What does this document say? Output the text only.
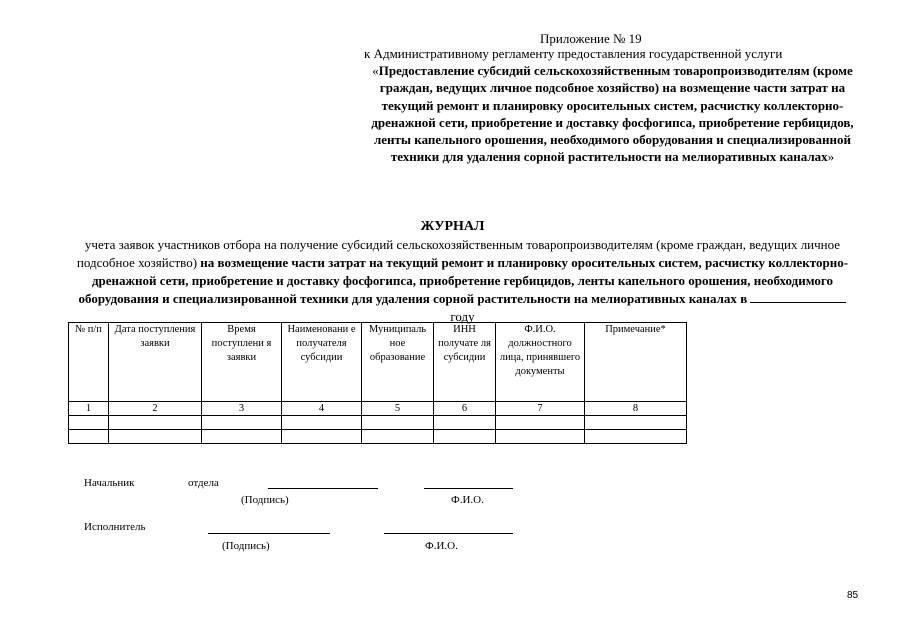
Приложение № 19
к Административному регламенту предоставления государственной услуги
«Предоставление субсидий сельскохозяйственным товаропроизводителям (кроме граждан, ведущих личное подсобное хозяйство) на возмещение части затрат на текущий ремонт и планировку оросительных систем, расчистку коллекторно-дренажной сети, приобретение и доставку фосфогипса, приобретение гербицидов, ленты капельного орошения, необходимого оборудования и специализированной техники для удаления сорной растительности на мелиоративных каналах»
ЖУРНАЛ
учета заявок участников отбора на получение субсидий сельскохозяйственным товаропроизводителям (кроме граждан, ведущих личное подсобное хозяйство) на возмещение части затрат на текущий ремонт и планировку оросительных систем, расчистку коллекторно-дренажной сети, приобретение и доставку фосфогипса, приобретение гербицидов, ленты капельного орошения, необходимого оборудования и специализированной техники для удаления сорной растительности на мелиоративных каналах в  году
№ п/п	Дата поступления заявки	Время поступлени я заявки	Наименовани е получателя субсидии	Муниципаль ное образование	ИНН получате ля субсидии	Ф.И.О. должностного лица, принявшего документы	Примечание*
1	2	3	4	5	6	7	8

Начальник	отдела
(Подпись)	Ф.И.О.
Исполнитель
(Подпись)	Ф.И.О.
85
